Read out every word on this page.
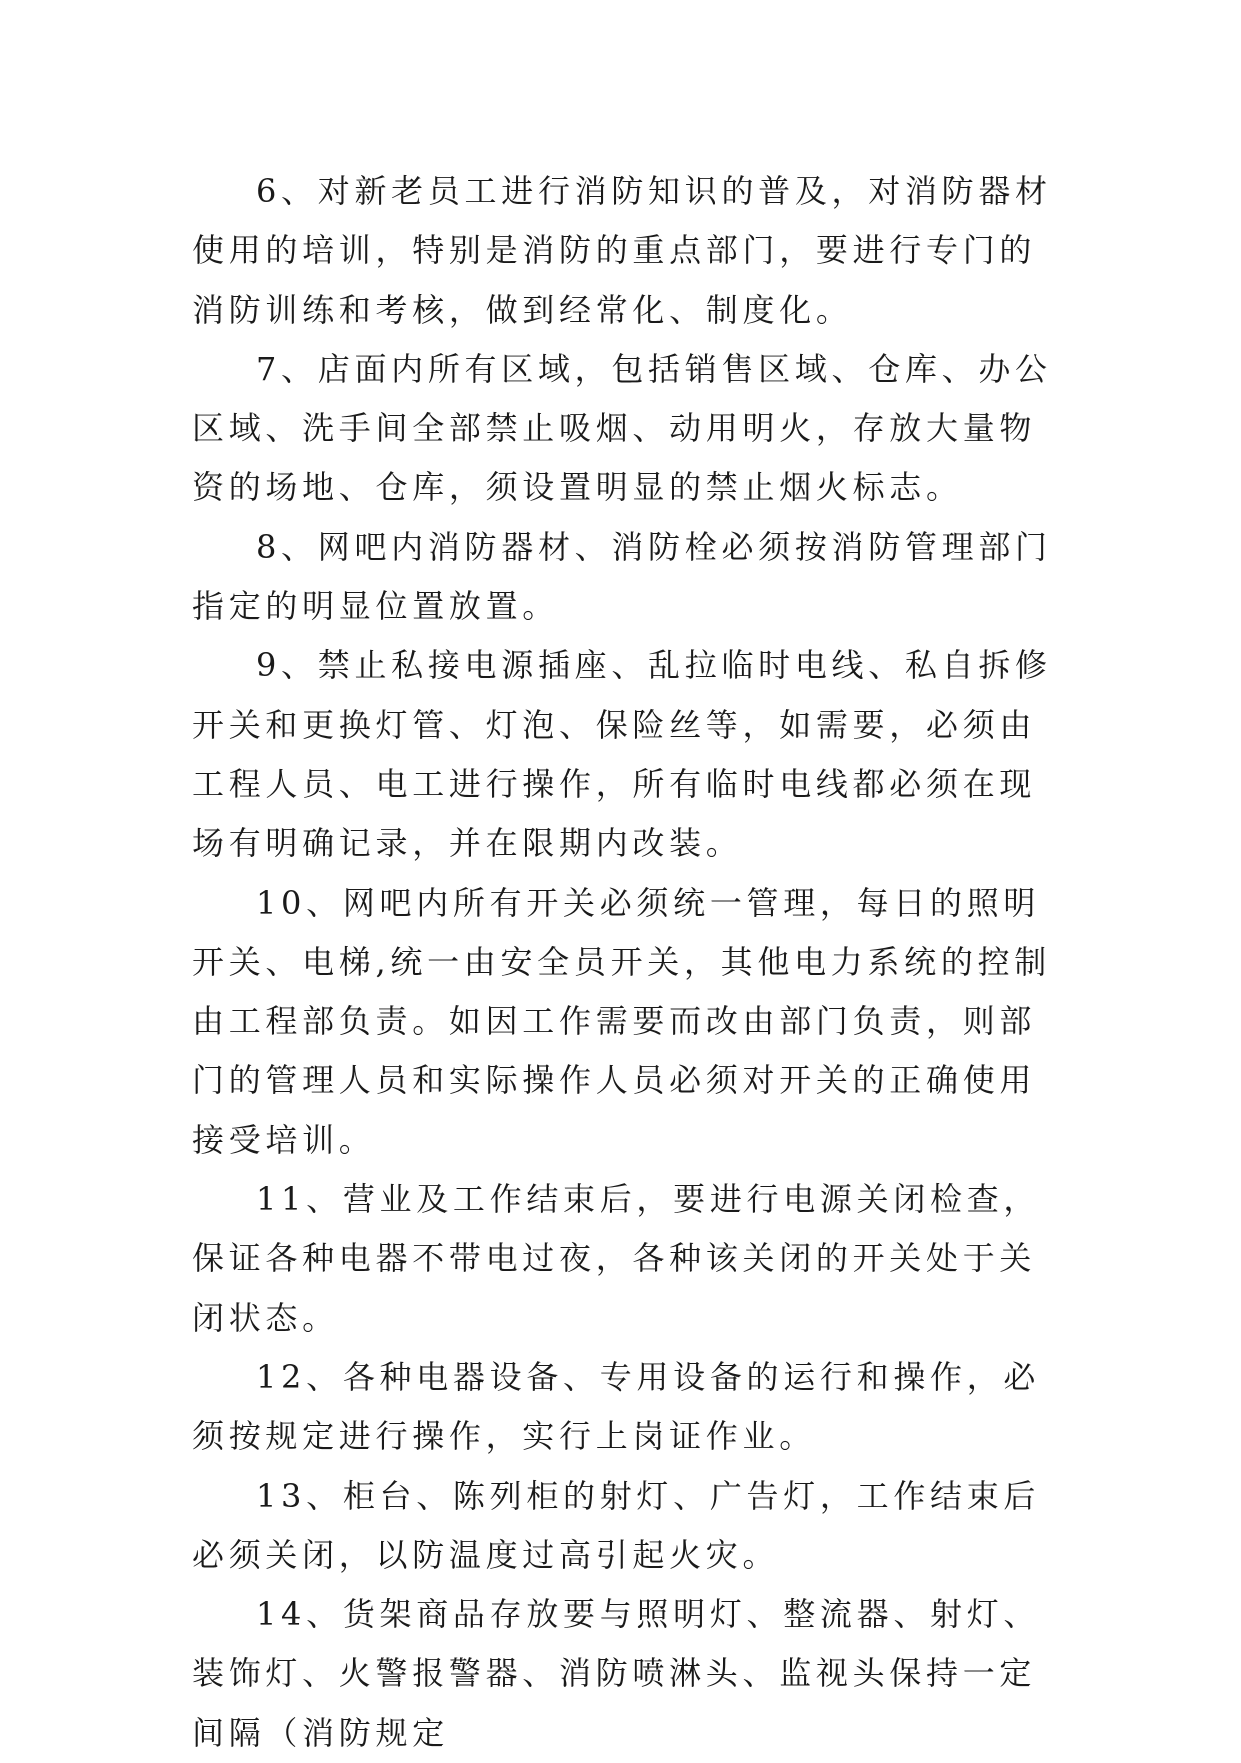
6、对新老员工进行消防知识的普及，对消防器材使用的培训，特别是消防的重点部门，要进行专门的消防训练和考核，做到经常化、制度化。

7、店面内所有区域，包括销售区域、仓库、办公区域、洗手间全部禁止吸烟、动用明火，存放大量物资的场地、仓库，须设置明显的禁止烟火标志。

8、网吧内消防器材、消防栓必须按消防管理部门指定的明显位置放置。

9、禁止私接电源插座、乱拉临时电线、私自拆修开关和更换灯管、灯泡、保险丝等，如需要，必须由工程人员、电工进行操作，所有临时电线都必须在现场有明确记录，并在限期内改装。

10、网吧内所有开关必须统一管理，每日的照明开关、电梯,统一由安全员开关，其他电力系统的控制由工程部负责。如因工作需要而改由部门负责，则部门的管理人员和实际操作人员必须对开关的正确使用接受培训。

11、营业及工作结束后，要进行电源关闭检查，保证各种电器不带电过夜，各种该关闭的开关处于关闭状态。

12、各种电器设备、专用设备的运行和操作，必须按规定进行操作，实行上岗证作业。

13、柜台、陈列柜的射灯、广告灯，工作结束后必须关闭，以防温度过高引起火灾。

14、货架商品存放要与照明灯、整流器、射灯、装饰灯、火警报警器、消防喷淋头、监视头保持一定间隔（消防规定
